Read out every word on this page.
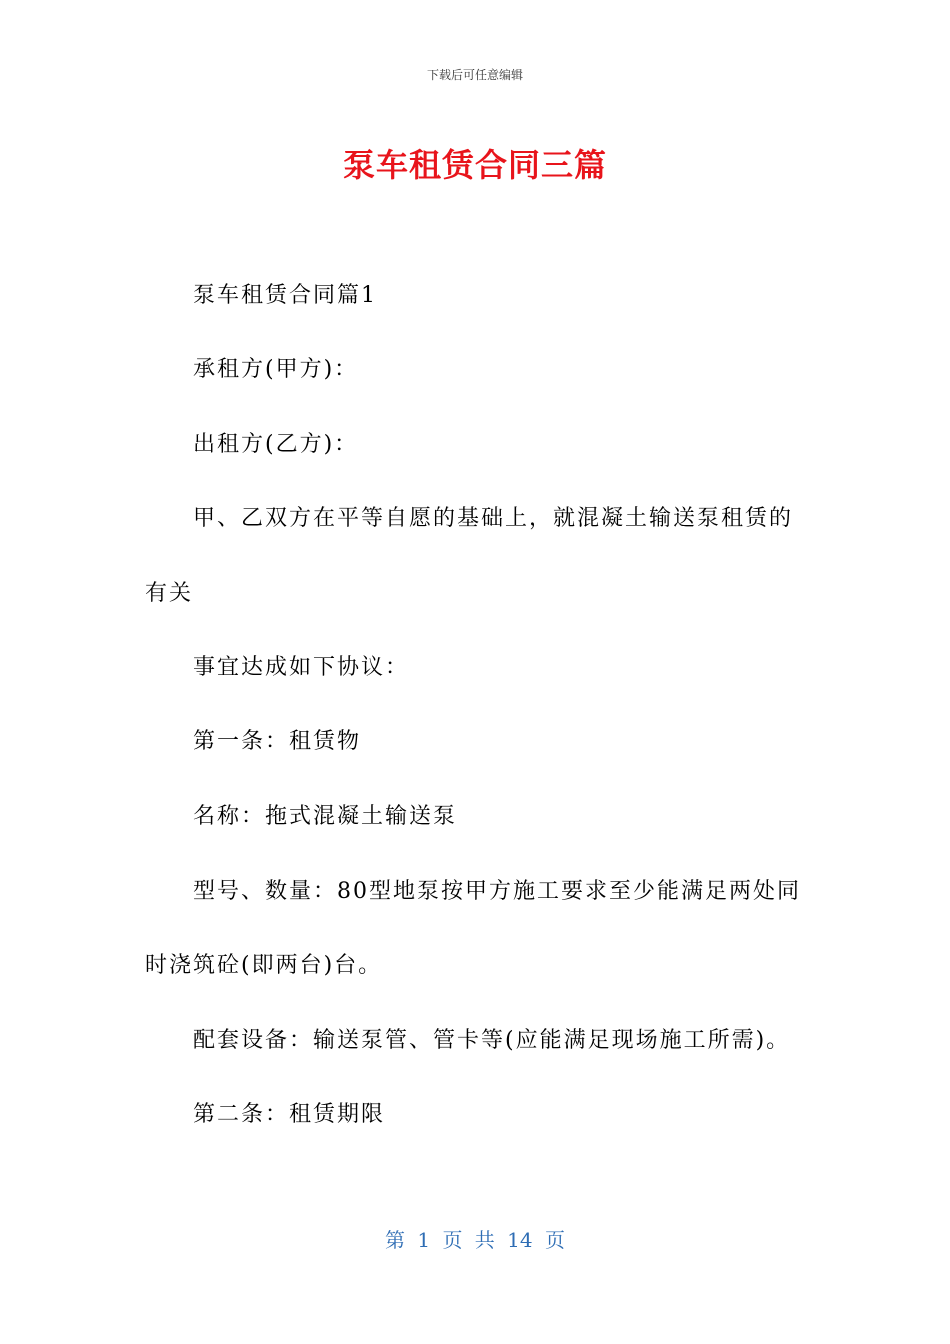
下载后可任意编辑
泵车租赁合同三篇
泵车租赁合同篇1
承租方(甲方)：
出租方(乙方)：
甲、乙双方在平等自愿的基础上，就混凝土输送泵租赁的
有关
事宜达成如下协议：
第一条：租赁物
名称：拖式混凝土输送泵
型号、数量：80型地泵按甲方施工要求至少能满足两处同
时浇筑砼(即两台)台。
配套设备：输送泵管、管卡等(应能满足现场施工所需)。
第二条：租赁期限
第 1 页 共 14 页
